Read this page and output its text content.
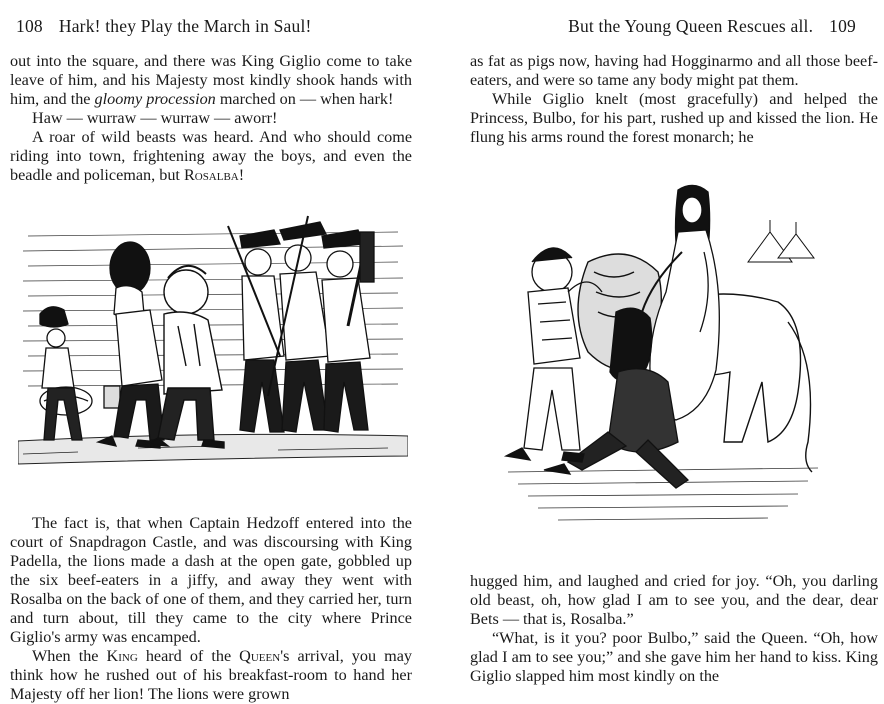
108 Hark! they Play the March in Saul!

out into the square, and there was King Giglio come to take leave of him, and his Majesty most kindly shook hands with him, and the gloomy procession marched on — when hark!

Haw — wurraw — wurraw — aworr!

A roar of wild beasts was heard. And who should come riding into town, frightening away the boys, and even the beadle and policeman, but Rosalba!

The fact is, that when Captain Hedzoff entered into the court of Snapdragon Castle, and was discoursing with King Padella, the lions made a dash at the open gate, gobbled up the six beef-eaters in a jiffy, and away they went with Rosalba on the back of one of them, and they carried her, turn and turn about, till they came to the city where Prince Giglio's army was encamped.

When the King heard of the Queen's arrival, you may think how he rushed out of his breakfast-room to hand her Majesty off her lion! The lions were grown

But the Young Queen Rescues all. 109

as fat as pigs now, having had Hogginarmo and all those beef-eaters, and were so tame any body might pat them.

While Giglio knelt (most gracefully) and helped the Princess, Bulbo, for his part, rushed up and kissed the lion. He flung his arms round the forest monarch; he

hugged him, and laughed and cried for joy. “Oh, you darling old beast, oh, how glad I am to see you, and the dear, dear Bets — that is, Rosalba.”

“What, is it you? poor Bulbo,” said the Queen. “Oh, how glad I am to see you;” and she gave him her hand to kiss. King Giglio slapped him most kindly on the
